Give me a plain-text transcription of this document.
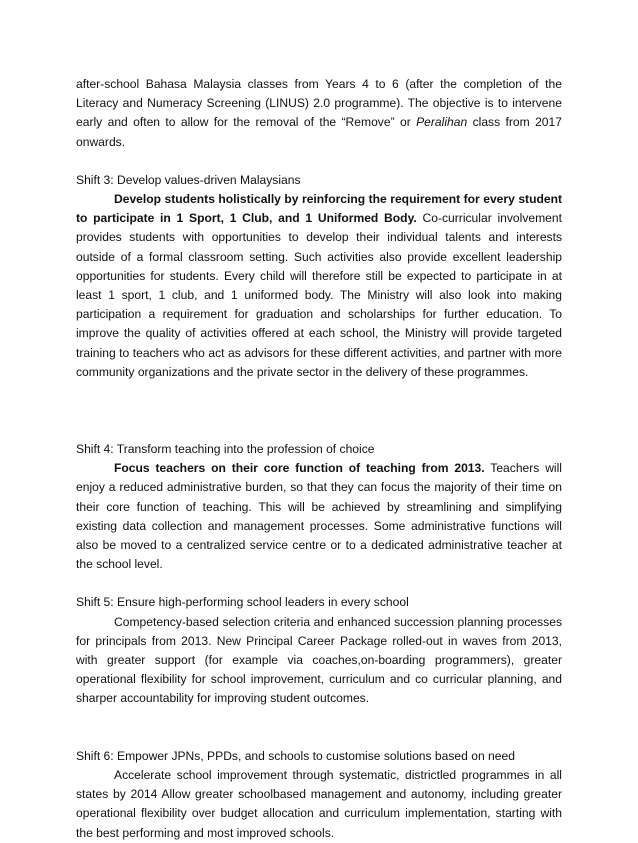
after-school Bahasa Malaysia classes from Years 4 to 6 (after the completion of the Literacy and Numeracy Screening (LINUS) 2.0 programme). The objective is to intervene early and often to allow for the removal of the “Remove” or Peralihan class from 2017 onwards.

Shift 3: Develop values-driven Malaysians

Develop students holistically by reinforcing the requirement for every student to participate in 1 Sport, 1 Club, and 1 Uniformed Body. Co-curricular involvement provides students with opportunities to develop their individual talents and interests outside of a formal classroom setting. Such activities also provide excellent leadership opportunities for students. Every child will therefore still be expected to participate in at least 1 sport, 1 club, and 1 uniformed body. The Ministry will also look into making participation a requirement for graduation and scholarships for further education. To improve the quality of activities offered at each school, the Ministry will provide targeted training to teachers who act as advisors for these different activities, and partner with more community organizations and the private sector in the delivery of these programmes.

Shift 4: Transform teaching into the profession of choice

Focus teachers on their core function of teaching from 2013. Teachers will enjoy a reduced administrative burden, so that they can focus the majority of their time on their core function of teaching. This will be achieved by streamlining and simplifying existing data collection and management processes. Some administrative functions will also be moved to a centralized service centre or to a dedicated administrative teacher at the school level.

Shift 5: Ensure high-performing school leaders in every school

Competency-based selection criteria and enhanced succession planning processes for principals from 2013. New Principal Career Package rolled-out in waves from 2013, with greater support (for example via coaches,on-boarding programmers), greater operational flexibility for school improvement, curriculum and co curricular planning, and sharper accountability for improving student outcomes.

Shift 6: Empower JPNs, PPDs, and schools to customise solutions based on need

Accelerate school improvement through systematic, districtled programmes in all states by 2014 Allow greater schoolbased management and autonomy, including greater operational flexibility over budget allocation and curriculum implementation, starting with the best performing and most improved schools.
